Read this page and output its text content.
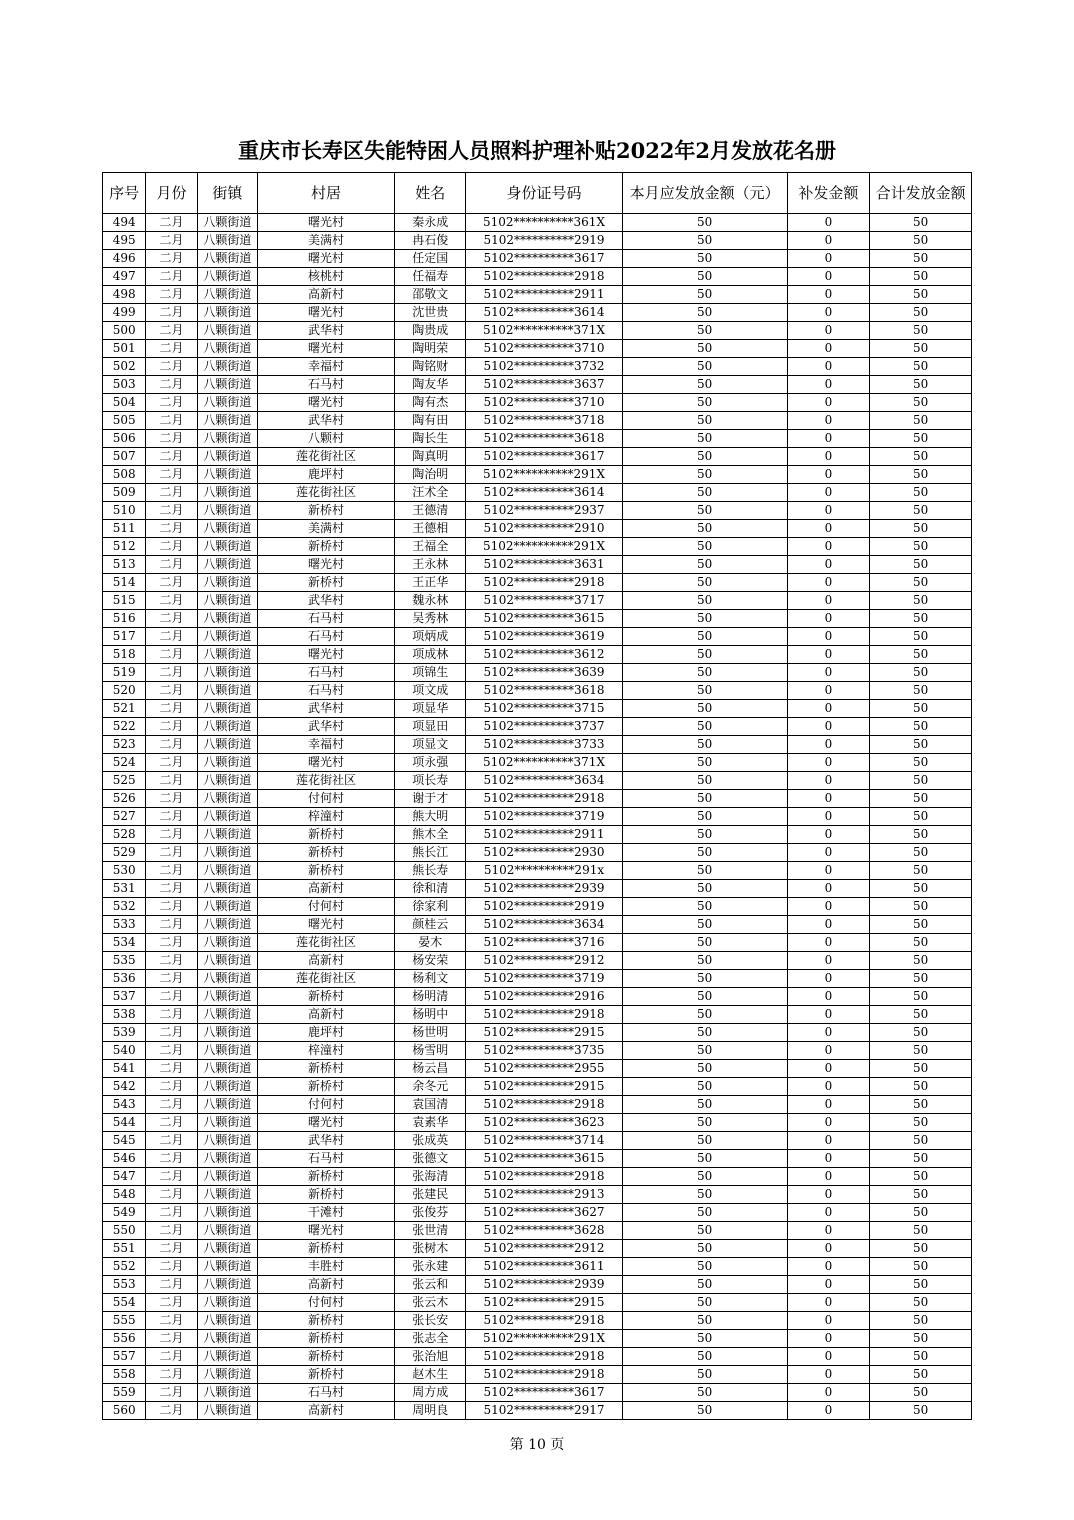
重庆市长寿区失能特困人员照料护理补贴2022年2月发放花名册
序号	月份	街镇	村居	姓名	身份证号码	本月应发放金额（元）	补发金额	合计发放金额
494	二月	八颗街道	曙光村	秦永成	5102**********361X	50	0	50
495	二月	八颗街道	美满村	冉石俊	5102**********2919	50	0	50
496	二月	八颗街道	曙光村	任定国	5102**********3617	50	0	50
497	二月	八颗街道	核桃村	任福寿	5102**********2918	50	0	50
498	二月	八颗街道	高新村	邵敬文	5102**********2911	50	0	50
499	二月	八颗街道	曙光村	沈世贵	5102**********3614	50	0	50
500	二月	八颗街道	武华村	陶贵成	5102**********371X	50	0	50
501	二月	八颗街道	曙光村	陶明荣	5102**********3710	50	0	50
502	二月	八颗街道	幸福村	陶铭财	5102**********3732	50	0	50
503	二月	八颗街道	石马村	陶友华	5102**********3637	50	0	50
504	二月	八颗街道	曙光村	陶有杰	5102**********3710	50	0	50
505	二月	八颗街道	武华村	陶有田	5102**********3718	50	0	50
506	二月	八颗街道	八颗村	陶长生	5102**********3618	50	0	50
507	二月	八颗街道	莲花街社区	陶真明	5102**********3617	50	0	50
508	二月	八颗街道	鹿坪村	陶治明	5102**********291X	50	0	50
509	二月	八颗街道	莲花街社区	汪术全	5102**********3614	50	0	50
510	二月	八颗街道	新桥村	王德清	5102**********2937	50	0	50
511	二月	八颗街道	美满村	王德相	5102**********2910	50	0	50
512	二月	八颗街道	新桥村	王福全	5102**********291X	50	0	50
513	二月	八颗街道	曙光村	王永林	5102**********3631	50	0	50
514	二月	八颗街道	新桥村	王正华	5102**********2918	50	0	50
515	二月	八颗街道	武华村	魏永林	5102**********3717	50	0	50
516	二月	八颗街道	石马村	吴秀林	5102**********3615	50	0	50
517	二月	八颗街道	石马村	项炳成	5102**********3619	50	0	50
518	二月	八颗街道	曙光村	项成林	5102**********3612	50	0	50
519	二月	八颗街道	石马村	项锦生	5102**********3639	50	0	50
520	二月	八颗街道	石马村	项文成	5102**********3618	50	0	50
521	二月	八颗街道	武华村	项显华	5102**********3715	50	0	50
522	二月	八颗街道	武华村	项显田	5102**********3737	50	0	50
523	二月	八颗街道	幸福村	项显文	5102**********3733	50	0	50
524	二月	八颗街道	曙光村	项永强	5102**********371X	50	0	50
525	二月	八颗街道	莲花街社区	项长寿	5102**********3634	50	0	50
526	二月	八颗街道	付何村	谢于才	5102**********2918	50	0	50
527	二月	八颗街道	梓潼村	熊大明	5102**********3719	50	0	50
528	二月	八颗街道	新桥村	熊木全	5102**********2911	50	0	50
529	二月	八颗街道	新桥村	熊长江	5102**********2930	50	0	50
530	二月	八颗街道	新桥村	熊长寿	5102**********291x	50	0	50
531	二月	八颗街道	高新村	徐和清	5102**********2939	50	0	50
532	二月	八颗街道	付何村	徐家利	5102**********2919	50	0	50
533	二月	八颗街道	曙光村	颜桂云	5102**********3634	50	0	50
534	二月	八颗街道	莲花街社区	晏木	5102**********3716	50	0	50
535	二月	八颗街道	高新村	杨安荣	5102**********2912	50	0	50
536	二月	八颗街道	莲花街社区	杨利文	5102**********3719	50	0	50
537	二月	八颗街道	新桥村	杨明清	5102**********2916	50	0	50
538	二月	八颗街道	高新村	杨明中	5102**********2918	50	0	50
539	二月	八颗街道	鹿坪村	杨世明	5102**********2915	50	0	50
540	二月	八颗街道	梓潼村	杨雪明	5102**********3735	50	0	50
541	二月	八颗街道	新桥村	杨云昌	5102**********2955	50	0	50
542	二月	八颗街道	新桥村	余冬元	5102**********2915	50	0	50
543	二月	八颗街道	付何村	袁国清	5102**********2918	50	0	50
544	二月	八颗街道	曙光村	袁素华	5102**********3623	50	0	50
545	二月	八颗街道	武华村	张成英	5102**********3714	50	0	50
546	二月	八颗街道	石马村	张德文	5102**********3615	50	0	50
547	二月	八颗街道	新桥村	张海清	5102**********2918	50	0	50
548	二月	八颗街道	新桥村	张建民	5102**********2913	50	0	50
549	二月	八颗街道	干滩村	张俊芬	5102**********3627	50	0	50
550	二月	八颗街道	曙光村	张世清	5102**********3628	50	0	50
551	二月	八颗街道	新桥村	张树木	5102**********2912	50	0	50
552	二月	八颗街道	丰胜村	张永建	5102**********3611	50	0	50
553	二月	八颗街道	高新村	张云和	5102**********2939	50	0	50
554	二月	八颗街道	付何村	张云木	5102**********2915	50	0	50
555	二月	八颗街道	新桥村	张长安	5102**********2918	50	0	50
556	二月	八颗街道	新桥村	张志全	5102**********291X	50	0	50
557	二月	八颗街道	新桥村	张治旭	5102**********2918	50	0	50
558	二月	八颗街道	新桥村	赵木生	5102**********2918	50	0	50
559	二月	八颗街道	石马村	周方成	5102**********3617	50	0	50
560	二月	八颗街道	高新村	周明良	5102**********2917	50	0	50
第 10 页
